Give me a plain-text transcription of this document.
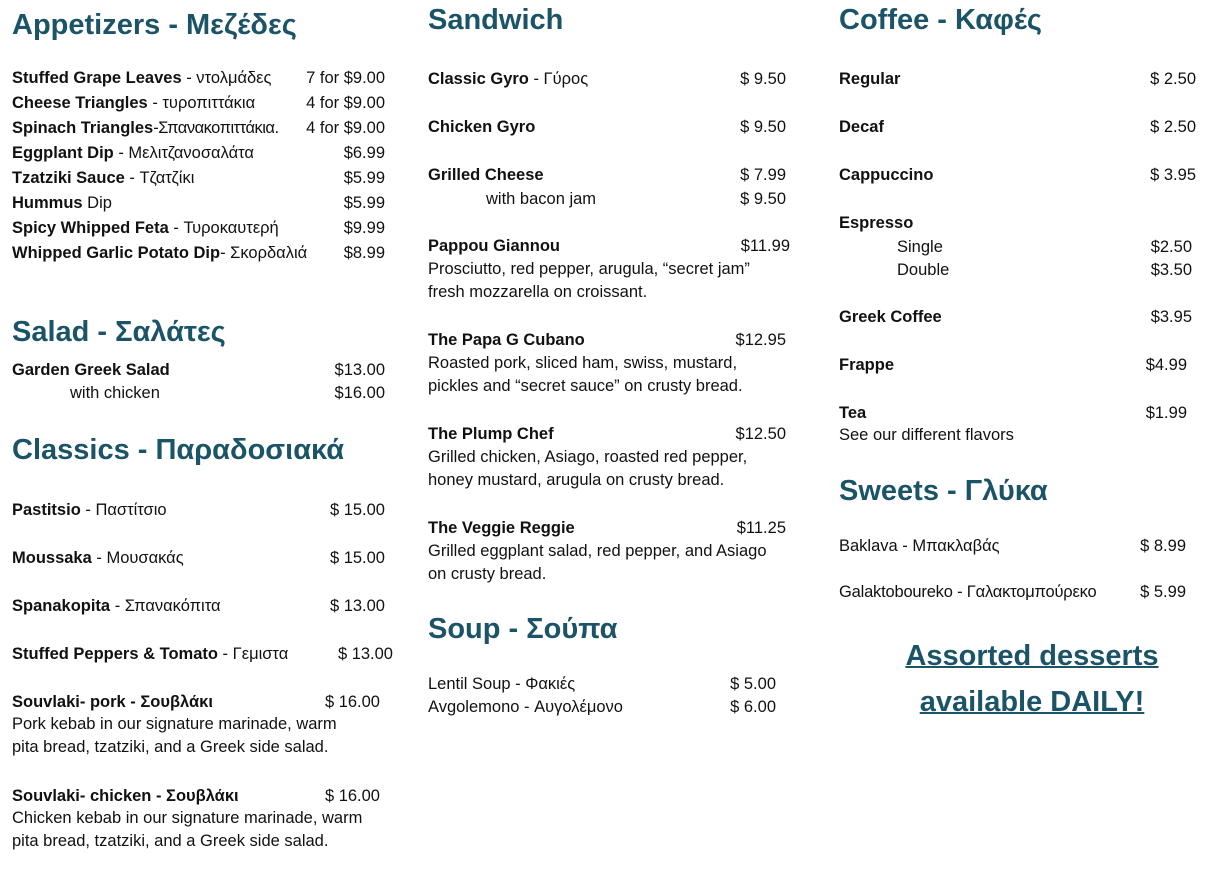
Appetizers - Μεζέδες
Stuffed Grape Leaves - ντολμάδες 7 for $9.00
Cheese Triangles - τυροπιττάκια	4 for $9.00
Spinach Triangles-Σπανακοπιττάκια. 4 for $9.00
Eggplant Dip - Μελιτζανοσαλάτα	$6.99
Tzatziki Sauce - Τζατζίκι	$5.99
Hummus Dip	$5.99
Spicy Whipped Feta - Τυροκαυτερή	$9.99
Whipped Garlic Potato Dip- Σκορδαλιά $8.99
Salad - Σαλάτες
Garden Greek Salad	$13.00
with chicken	$16.00
Classics - Παραδοσιακά
Pastitsio - Παστίτσιο	$ 15.00
Moussaka - Μουσακάς	$ 15.00
Spanakopita - Σπανακόπιτα	$ 13.00
Stuffed Peppers & Tomato - Γεμιστα	$ 13.00
Souvlaki- pork - Σουβλάκι	$ 16.00
Pork kebab in our signature marinade, warm
pita bread, tzatziki, and a Greek side salad.
Souvlaki- chicken - Σουβλάκι	$ 16.00
Chicken kebab in our signature marinade, warm
pita bread, tzatziki, and a Greek side salad.
Sandwich
Classic Gyro - Γύρος	$ 9.50
Chicken Gyro	$ 9.50
Grilled Cheese	$ 7.99
with bacon jam	$ 9.50
Pappou Giannou	$11.99
Prosciutto, red pepper, arugula, “secret jam”
fresh mozzarella on croissant.
The Papa G Cubano	$12.95
Roasted pork, sliced ham, swiss, mustard,
pickles and “secret sauce” on crusty bread.
The Plump Chef	$12.50
Grilled chicken, Asiago, roasted red pepper,
honey mustard, arugula on crusty bread.
The Veggie Reggie	$11.25
Grilled eggplant salad, red pepper, and Asiago
on crusty bread.
Soup - Σούπα
Lentil Soup - Φακιές	$ 5.00
Avgolemono - Αυγολέμονο	$ 6.00
Coffee - Καφές
Regular	$ 2.50
Decaf	$ 2.50
Cappuccino	$ 3.95
Espresso
Single	$2.50
Double	$3.50
Greek Coffee	$3.95
Frappe	$4.99
Tea	$1.99
See our different flavors
Sweets - Γλύκα
Baklava - Μπακλαβάς	$ 8.99
Galaktoboureko - Γαλακτομπούρεκο	$ 5.99
Assorted desserts
available DAILY!
